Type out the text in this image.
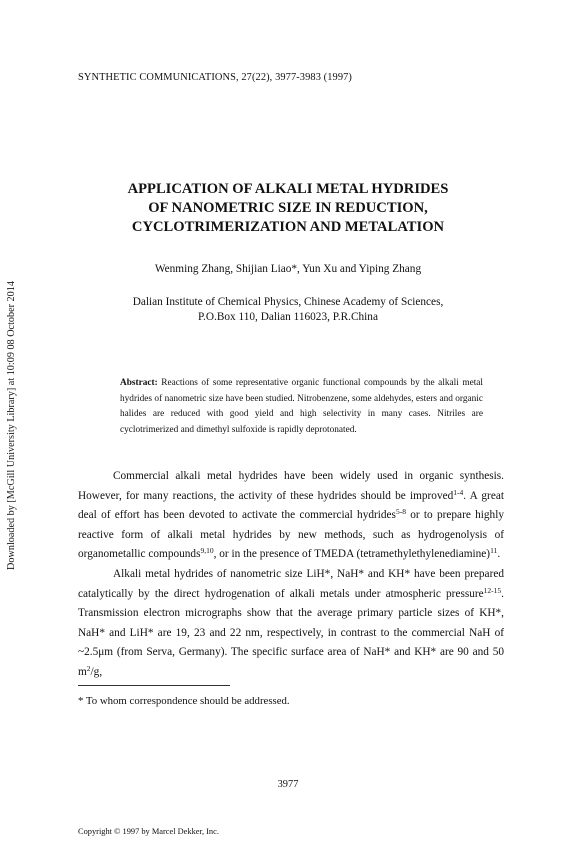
Downloaded by [McGill University Library] at 10:09 08 October 2014
SYNTHETIC COMMUNICATIONS, 27(22), 3977-3983 (1997)
APPLICATION OF ALKALI METAL HYDRIDES
OF NANOMETRIC SIZE IN REDUCTION,
CYCLOTRIMERIZATION AND METALATION
Wenming Zhang, Shijian Liao*, Yun Xu and Yiping Zhang
Dalian Institute of Chemical Physics, Chinese Academy of Sciences,
P.O.Box 110, Dalian 116023, P.R.China
Abstract: Reactions of some representative organic functional compounds by the alkali metal hydrides of nanometric size have been studied. Nitrobenzene, some aldehydes, esters and organic halides are reduced with good yield and high selectivity in many cases. Nitriles are cyclotrimerized and dimethyl sulfoxide is rapidly deprotonated.

Commercial alkali metal hydrides have been widely used in organic synthesis. However, for many reactions, the activity of these hydrides should be improved$^{1-4}$. A great deal of effort has been devoted to activate the commercial hydrides$^{5-8}$ or to prepare highly reactive form of alkali metal hydrides by new methods, such as hydrogenolysis of organometallic compounds$^{9,10}$, or in the presence of TMEDA (tetramethylethylenediamine)$^{11}$.

Alkali metal hydrides of nanometric size LiH*, NaH* and KH* have been prepared catalytically by the direct hydrogenation of alkali metals under atmospheric pressure$^{12-15}$. Transmission electron micrographs show that the average primary particle sizes of KH*, NaH* and LiH* are 19, 23 and 22 nm, respectively, in contrast to the commercial NaH of ~2.5μm (from Serva, Germany). The specific surface area of NaH* and KH* are 90 and 50 $m^2/g$,

* To whom correspondence should be addressed.
3977
Copyright © 1997 by Marcel Dekker, Inc.
